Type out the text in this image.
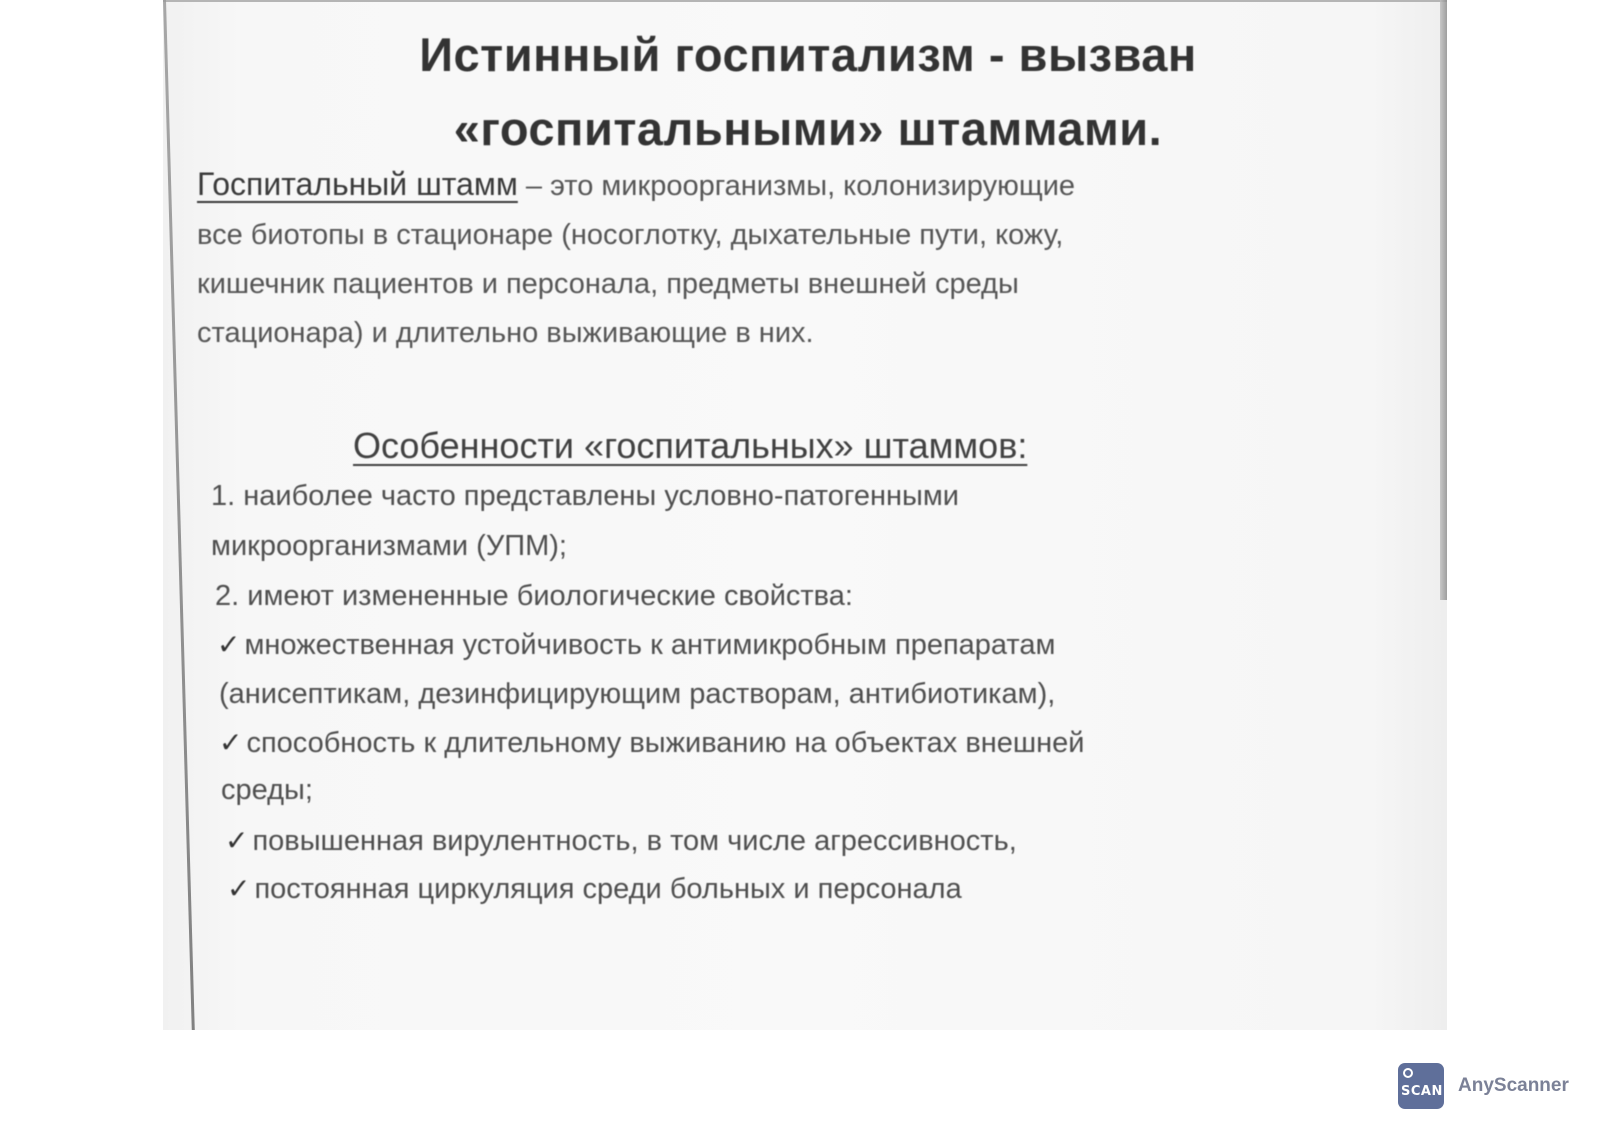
Истинный госпитализм - вызван
«госпитальными» штаммами.
Госпитальный штамм – это микроорганизмы, колонизирующие
все биотопы в стационаре (носоглотку, дыхательные пути, кожу,
кишечник пациентов и персонала, предметы внешней среды
стационара) и длительно выживающие в них.
Особенности «госпитальных» штаммов:
1. наиболее часто представлены условно-патогенными
микроорганизмами (УПМ);
2. имеют измененные биологические свойства:
✓ множественная устойчивость к антимикробным препаратам
(анисептикам, дезинфицирующим растворам, антибиотикам),
✓ способность к длительному выживанию на объектах внешней
среды;
✓ повышенная вирулентность, в том числе агрессивность,
✓ постоянная циркуляция среди больных и персонала
SCAN AnyScanner
